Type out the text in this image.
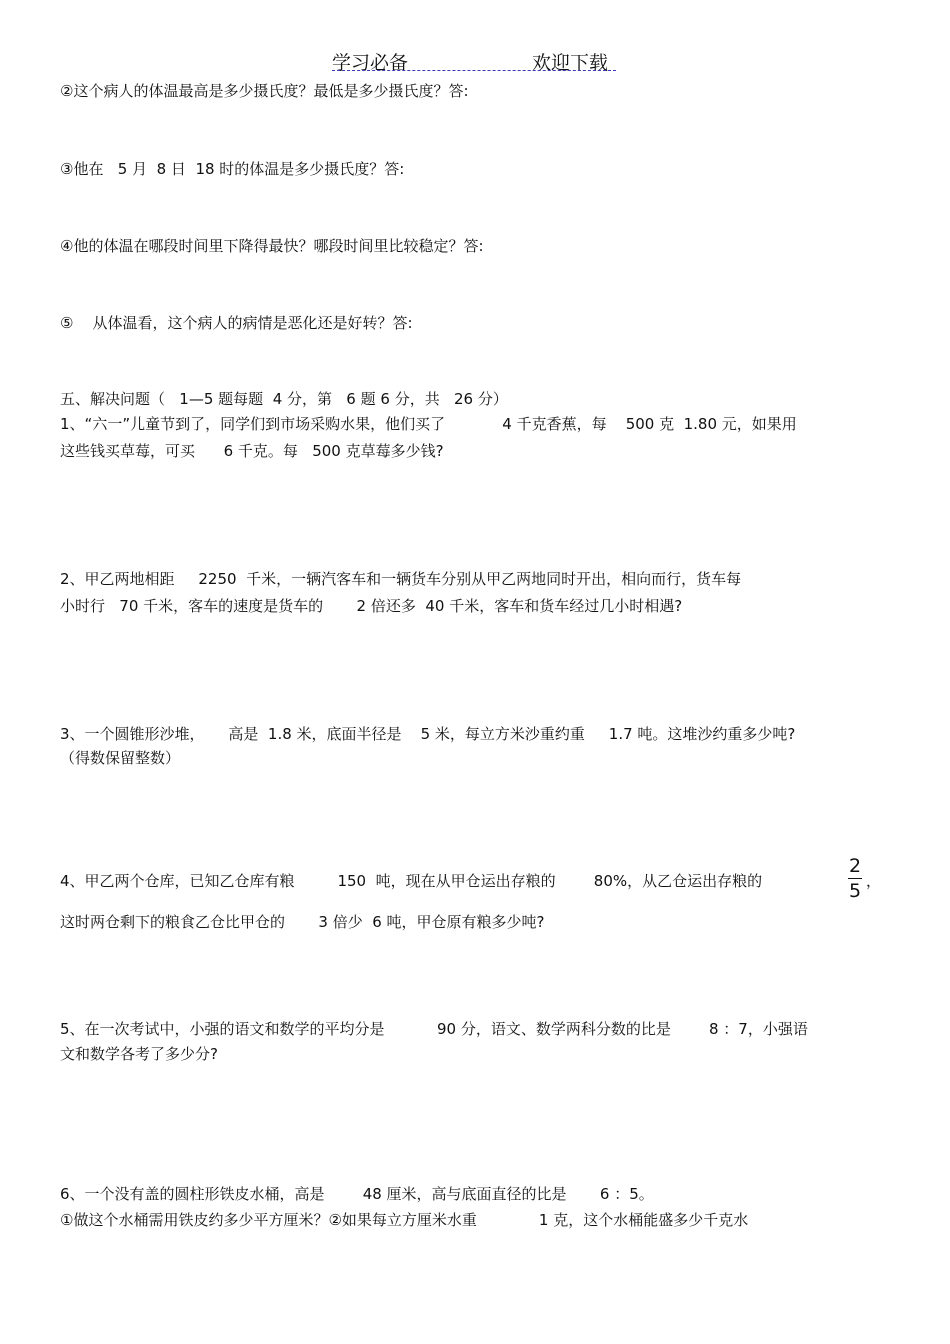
学习必备	欢迎下载
②这个病人的体温最高是多少摄氏度？最低是多少摄氏度？答:
③他在   5 月  8 日  18 时的体温是多少摄氏度？答:
④他的体温在哪段时间里下降得最快？哪段时间里比较稳定？答:
⑤    从体温看，这个病人的病情是恶化还是好转？答:
五、解决问题（   1—5 题每题  4 分，第   6 题 6 分，共   26 分）
1、“六一”儿童节到了，同学们到市场采购水果，他们买了            4 千克香蕉，每    500 克  1.80 元，如果用
这些钱买草莓，可买      6 千克。每   500 克草莓多少钱?
2、甲乙两地相距     2250  千米，一辆汽客车和一辆货车分别从甲乙两地同时开出，相向而行，货车每
小时行   70 千米，客车的速度是货车的       2 倍还多  40 千米，客车和货车经过几小时相遇?
3、一个圆锥形沙堆，     高是  1.8 米，底面半径是    5 米，每立方米沙重约重     1.7 吨。这堆沙约重多少吨?
（得数保留整数）
4、甲乙两个仓库，已知乙仓库有粮         150  吨，现在从甲仓运出存粮的        80%，从乙仓运出存粮的
2
5 ，
这时两仓剩下的粮食乙仓比甲仓的       3 倍少  6 吨，甲仓原有粮多少吨?
5、在一次考试中，小强的语文和数学的平均分是           90 分，语文、数学两科分数的比是        8 ：7，小强语
文和数学各考了多少分?
6、一个没有盖的圆柱形铁皮水桶，高是        48 厘米，高与底面直径的比是       6 ：5。
①做这个水桶需用铁皮约多少平方厘米？②如果每立方厘米水重             1 克，这个水桶能盛多少千克水
